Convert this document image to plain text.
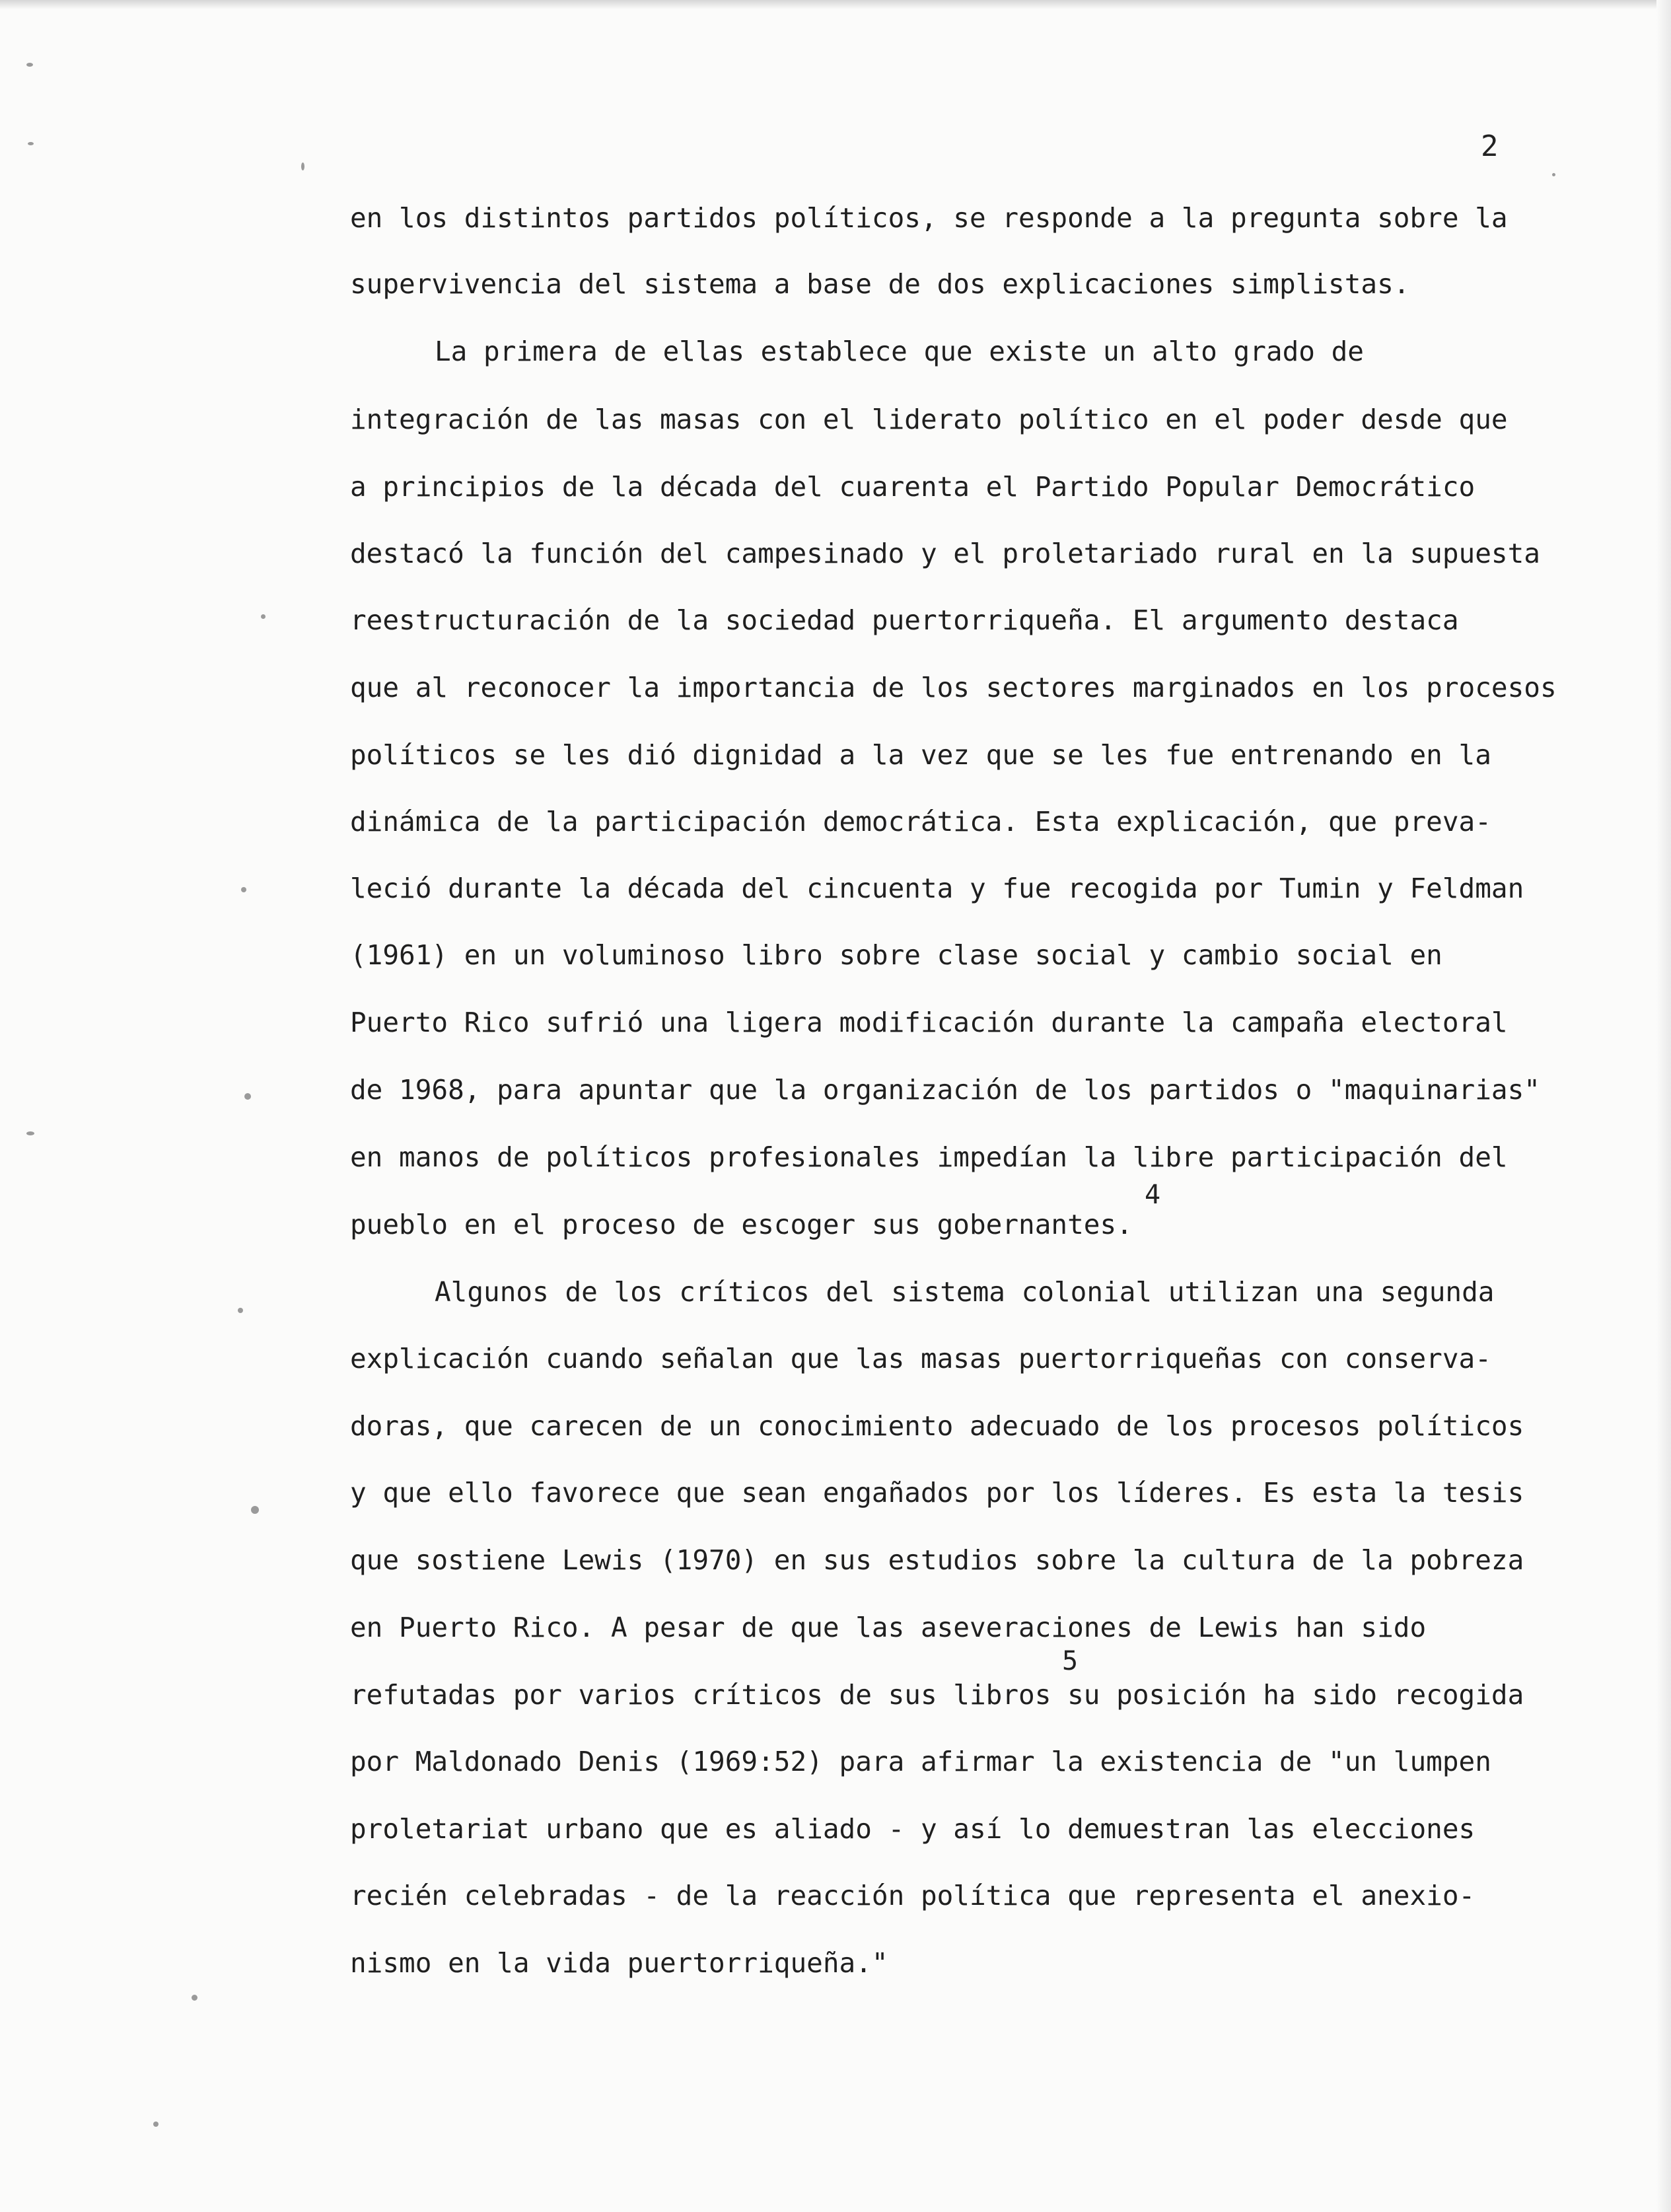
2
en los distintos partidos políticos, se responde a la pregunta sobre la
supervivencia del sistema a base de dos explicaciones simplistas.
La primera de ellas establece que existe un alto grado de
integración de las masas con el liderato político en el poder desde que
a principios de la década del cuarenta el Partido Popular Democrático
destacó la función del campesinado y el proletariado rural en la supuesta
reestructuración de la sociedad puertorriqueña. El argumento destaca
que al reconocer la importancia de los sectores marginados en los procesos
políticos se les dió dignidad a la vez que se les fue entrenando en la
dinámica de la participación democrática. Esta explicación, que preva-
leció durante la década del cincuenta y fue recogida por Tumin y Feldman
(1961) en un voluminoso libro sobre clase social y cambio social en
Puerto Rico sufrió una ligera modificación durante la campaña electoral
de 1968, para apuntar que la organización de los partidos o "maquinarias"
en manos de políticos profesionales impedían la libre participación del
pueblo en el proceso de escoger sus gobernantes.
4
Algunos de los críticos del sistema colonial utilizan una segunda
explicación cuando señalan que las masas puertorriqueñas con conserva-
doras, que carecen de un conocimiento adecuado de los procesos políticos
y que ello favorece que sean engañados por los líderes. Es esta la tesis
que sostiene Lewis (1970) en sus estudios sobre la cultura de la pobreza
en Puerto Rico. A pesar de que las aseveraciones de Lewis han sido
refutadas por varios críticos de sus libros su posición ha sido recogida
5
por Maldonado Denis (1969:52) para afirmar la existencia de "un lumpen
proletariat urbano que es aliado - y así lo demuestran las elecciones
recién celebradas - de la reacción política que representa el anexio-
nismo en la vida puertorriqueña."
